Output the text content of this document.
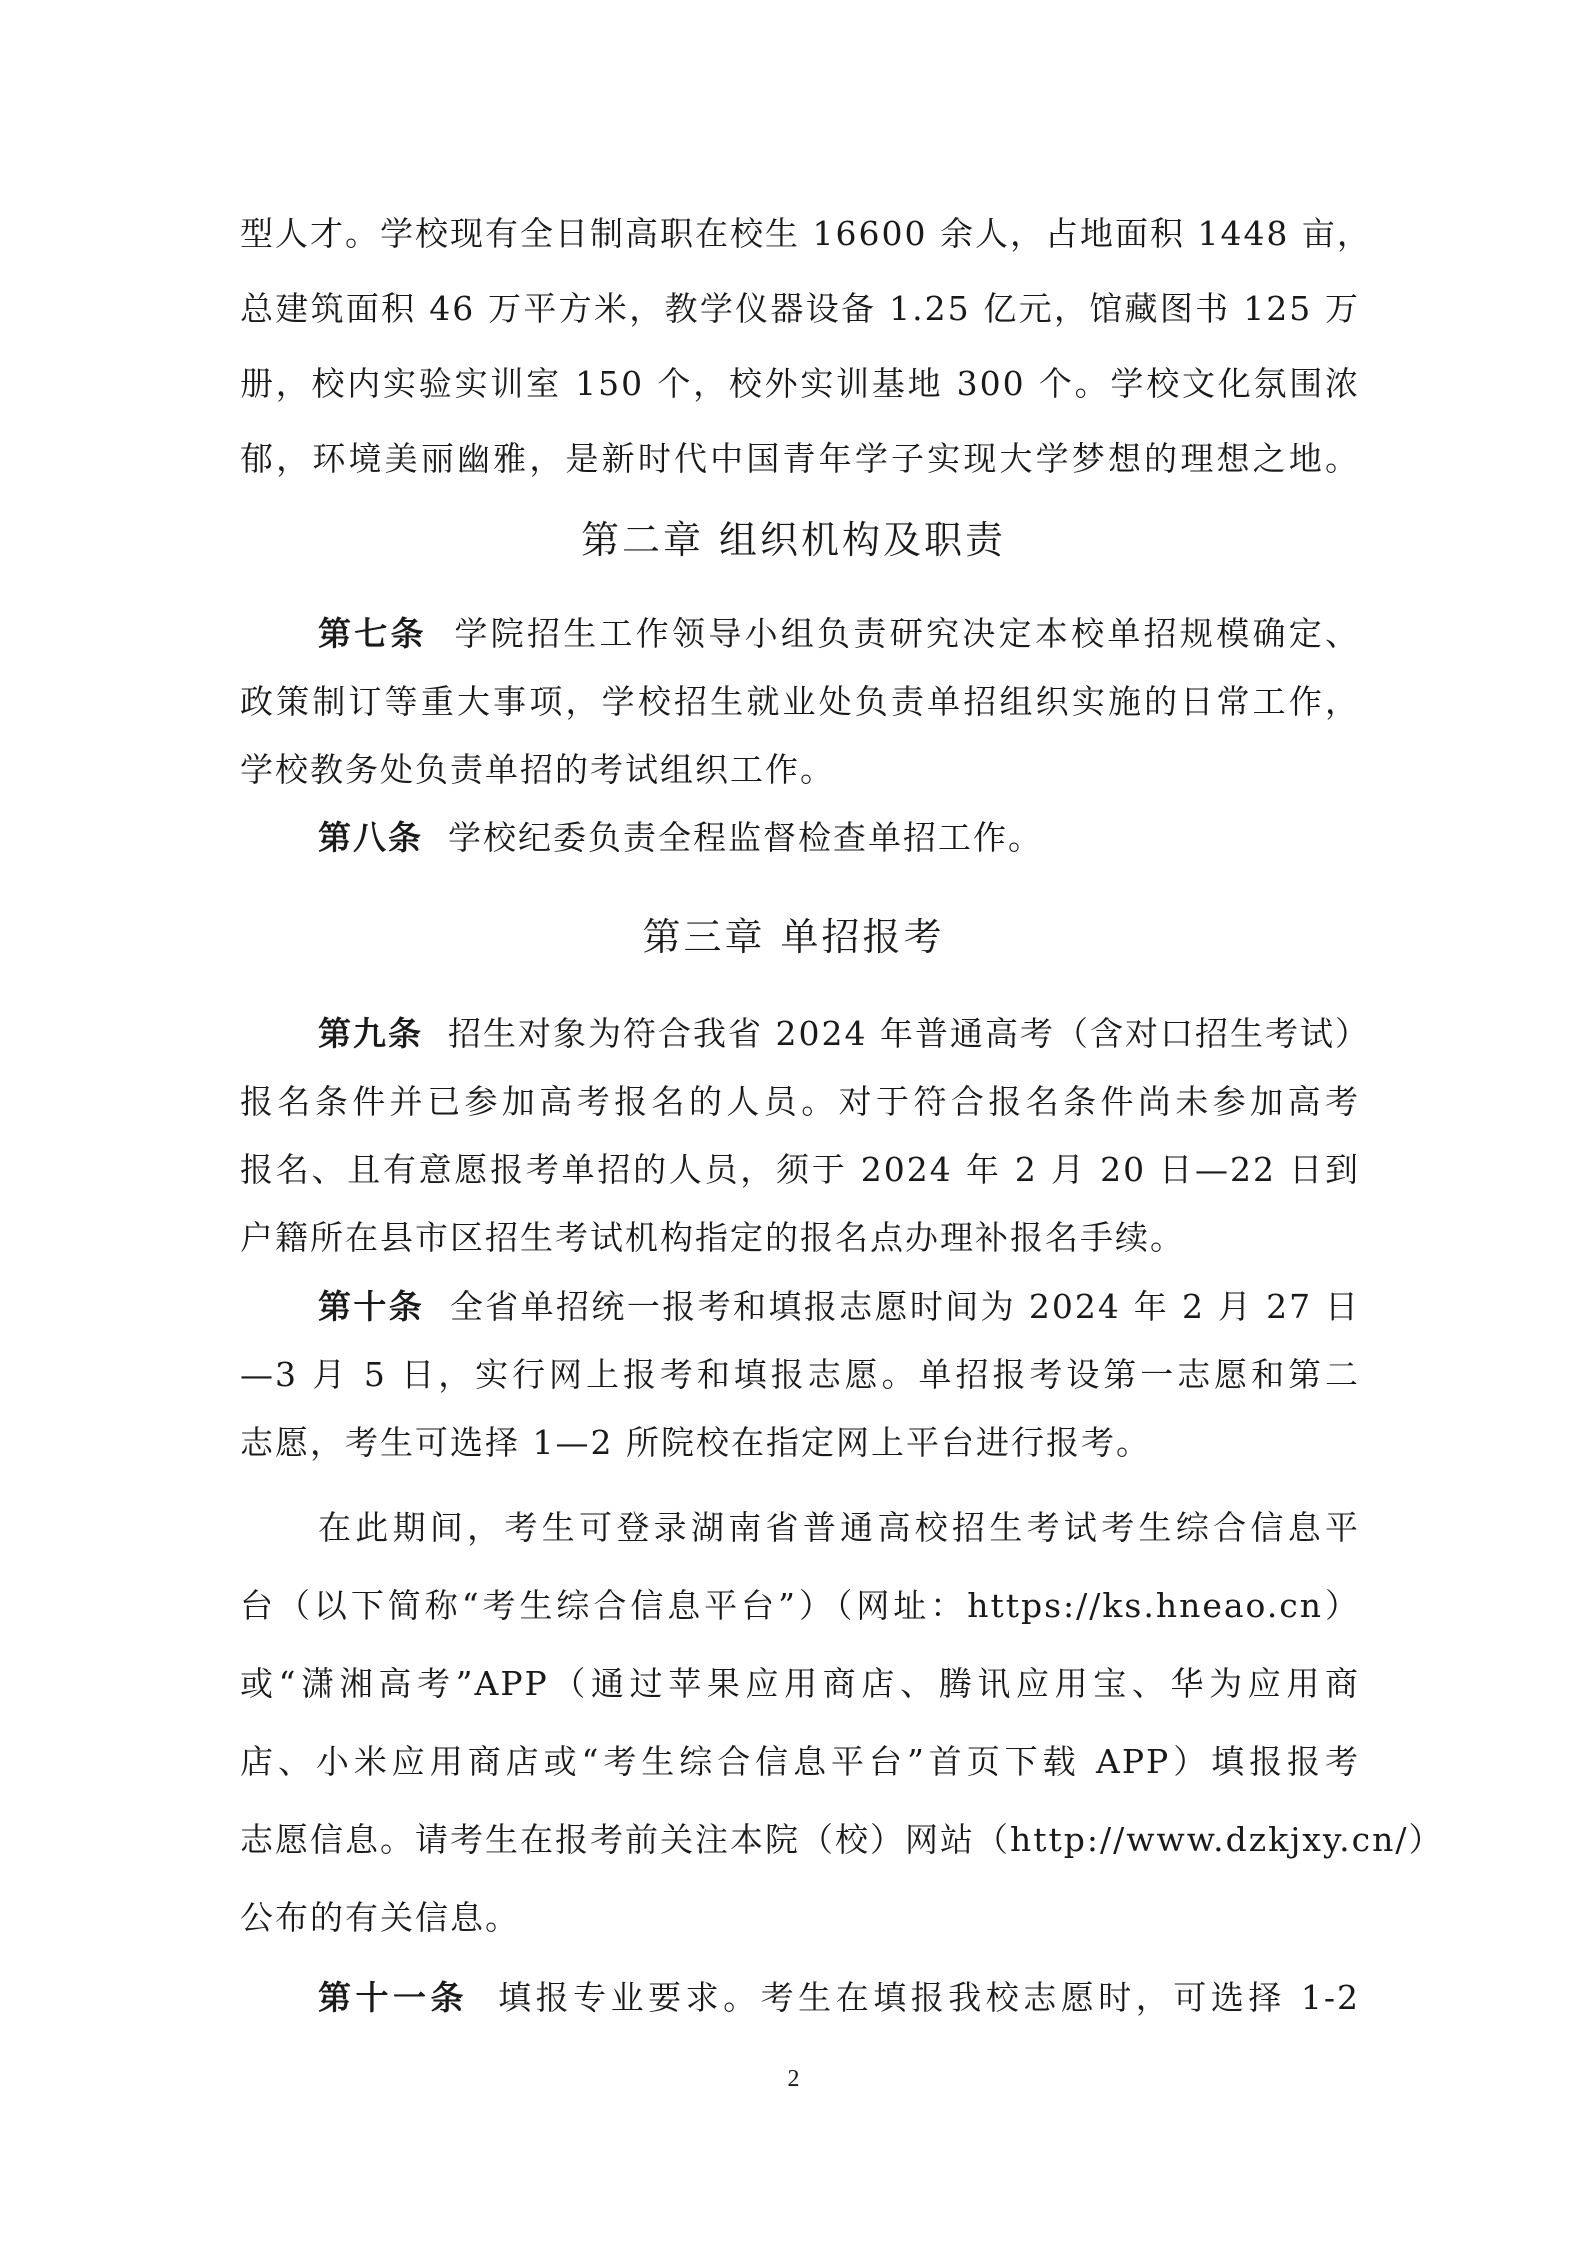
型人才。学校现有全日制高职在校生 16600 余人，占地面积 1448 亩，
总建筑面积 46 万平方米，教学仪器设备 1.25 亿元，馆藏图书 125 万
册，校内实验实训室 150 个，校外实训基地 300 个。学校文化氛围浓
郁，环境美丽幽雅，是新时代中国青年学子实现大学梦想的理想之地。
第二章 组织机构及职责
第七条 学院招生工作领导小组负责研究决定本校单招规模确定、
政策制订等重大事项，学校招生就业处负责单招组织实施的日常工作，
学校教务处负责单招的考试组织工作。
第八条 学校纪委负责全程监督检查单招工作。
第三章 单招报考
第九条 招生对象为符合我省 2024 年普通高考（含对口招生考试）
报名条件并已参加高考报名的人员。对于符合报名条件尚未参加高考
报名、且有意愿报考单招的人员，须于 2024 年 2 月 20 日—22 日到
户籍所在县市区招生考试机构指定的报名点办理补报名手续。
第十条 全省单招统一报考和填报志愿时间为 2024 年 2 月 27 日
—3 月 5 日，实行网上报考和填报志愿。单招报考设第一志愿和第二
志愿，考生可选择 1—2 所院校在指定网上平台进行报考。
在此期间，考生可登录湖南省普通高校招生考试考生综合信息平
台（以下简称“考生综合信息平台”）（网址：https://ks.hneao.cn）
或“潇湘高考”APP（通过苹果应用商店、腾讯应用宝、华为应用商
店、小米应用商店或“考生综合信息平台”首页下载 APP）填报报考
志愿信息。请考生在报考前关注本院（校）网站（http://www.dzkjxy.cn/）
公布的有关信息。
第十一条 填报专业要求。考生在填报我校志愿时，可选择 1-2
2
